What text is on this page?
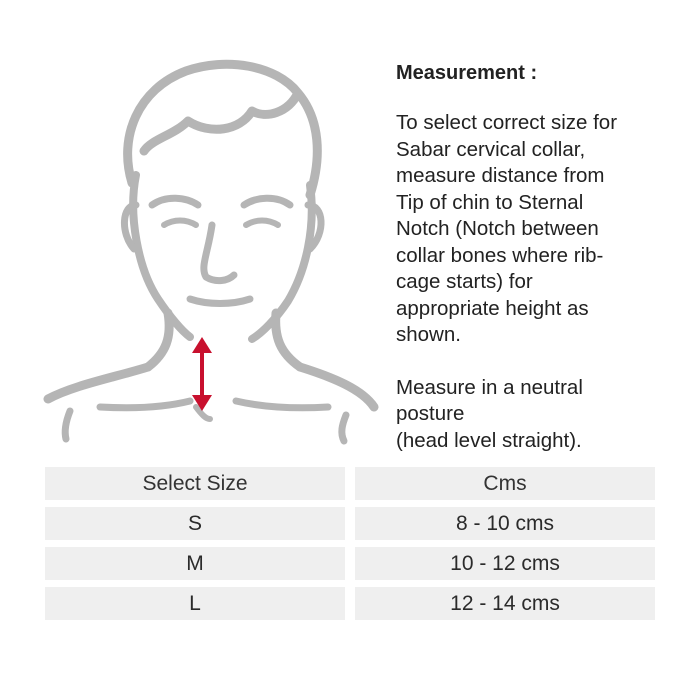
Measurement :
To select correct size for
Sabar cervical collar,
measure distance from
Tip of chin to Sternal
Notch (Notch between
collar bones where rib-
cage starts) for
appropriate height as
shown.
Measure in a neutral
posture
(head level straight).
Select Size	Cms
S	8 - 10 cms
M	10 - 12 cms
L	12 - 14 cms
